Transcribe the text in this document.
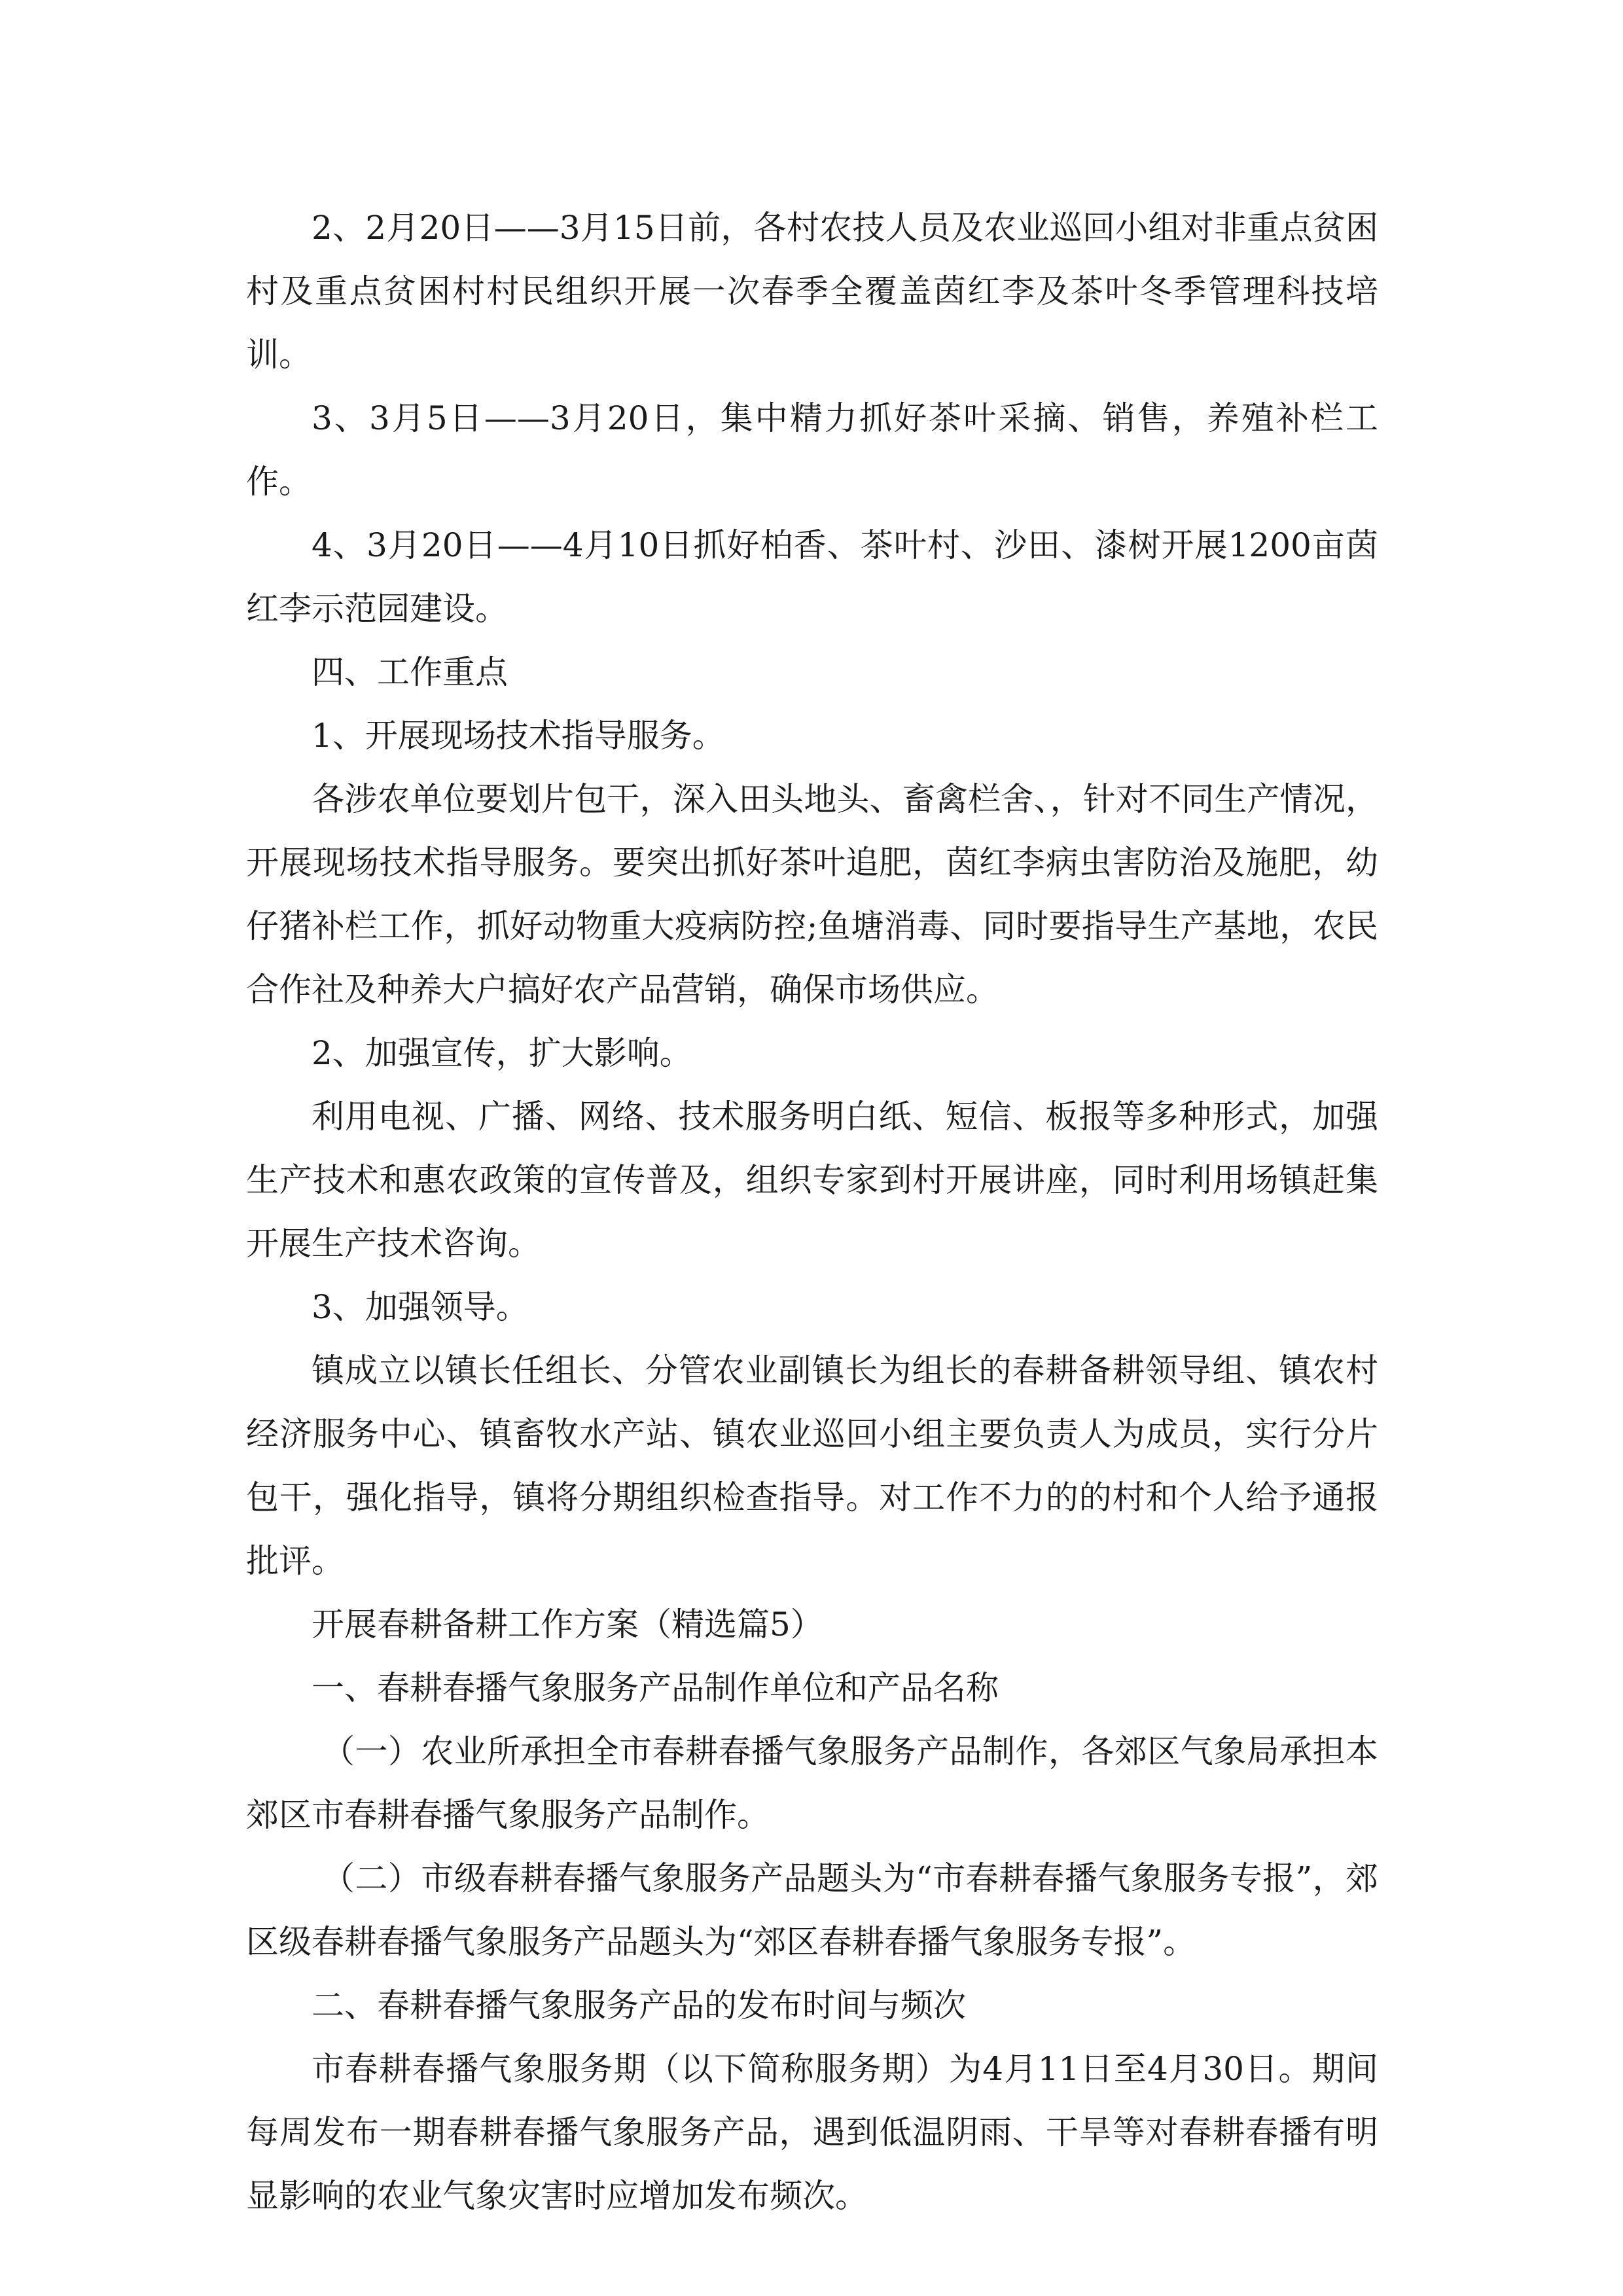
2、2月20日——3月15日前，各村农技人员及农业巡回小组对非重点贫困村及重点贫困村村民组织开展一次春季全覆盖茵红李及茶叶冬季管理科技培训。

3、3月5日——3月20日，集中精力抓好茶叶采摘、销售，养殖补栏工作。

4、3月20日——4月10日抓好柏香、茶叶村、沙田、漆树开展1200亩茵红李示范园建设。

四、工作重点

1、开展现场技术指导服务。

各涉农单位要划片包干，深入田头地头、畜禽栏舍、，针对不同生产情况，开展现场技术指导服务。要突出抓好茶叶追肥，茵红李病虫害防治及施肥，幼仔猪补栏工作，抓好动物重大疫病防控;鱼塘消毒、同时要指导生产基地，农民合作社及种养大户搞好农产品营销，确保市场供应。

2、加强宣传，扩大影响。

利用电视、广播、网络、技术服务明白纸、短信、板报等多种形式，加强生产技术和惠农政策的宣传普及，组织专家到村开展讲座，同时利用场镇赶集开展生产技术咨询。

3、加强领导。

镇成立以镇长任组长、分管农业副镇长为组长的春耕备耕领导组、镇农村经济服务中心、镇畜牧水产站、镇农业巡回小组主要负责人为成员，实行分片包干，强化指导，镇将分期组织检查指导。对工作不力的的村和个人给予通报批评。

开展春耕备耕工作方案（精选篇5）

一、春耕春播气象服务产品制作单位和产品名称

（一）农业所承担全市春耕春播气象服务产品制作，各郊区气象局承担本郊区市春耕春播气象服务产品制作。

（二）市级春耕春播气象服务产品题头为“市春耕春播气象服务专报”，郊区级春耕春播气象服务产品题头为“郊区春耕春播气象服务专报”。

二、春耕春播气象服务产品的发布时间与频次

市春耕春播气象服务期（以下简称服务期）为4月11日至4月30日。期间每周发布一期春耕春播气象服务产品，遇到低温阴雨、干旱等对春耕春播有明显影响的农业气象灾害时应增加发布频次。
